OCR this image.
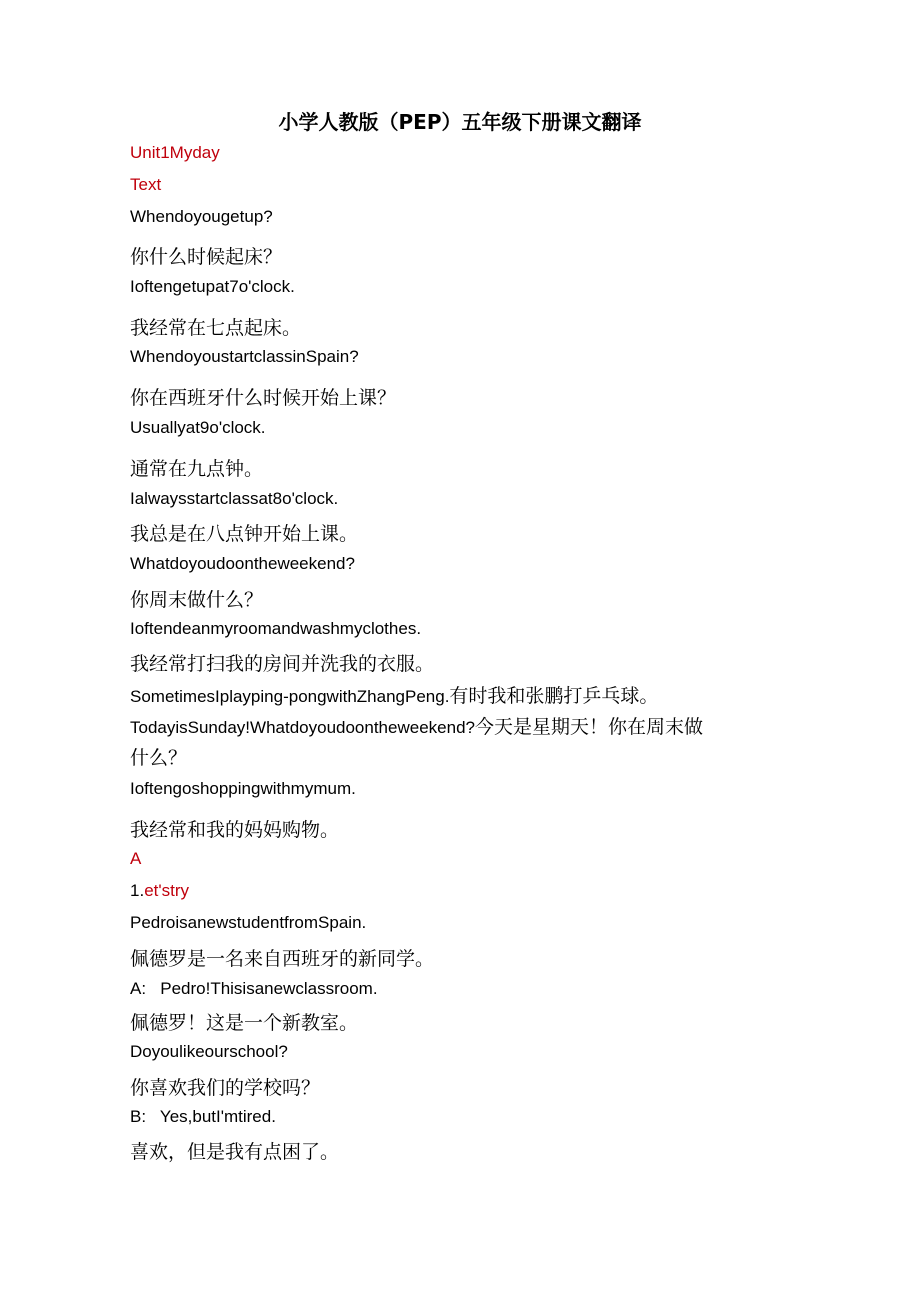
小学人教版（PEP）五年级下册课文翻译
Unit1Myday
Text
Whendoyougetup?
你什么时候起床？
Ioftengetupat7o'clock.
我经常在七点起床。
WhendoyoustartclassinSpain?
你在西班牙什么时候开始上课？
Usuallyat9o'clock.
通常在九点钟。
Ialwaysstartclassat8o'clock.
我总是在八点钟开始上课。
Whatdoyoudoontheweekend?
你周末做什么？
Ioftendeanmyroomandwashmyclothes.
我经常打扫我的房间并洗我的衣服。
SometimesIplayping-pongwithZhangPeng.有时我和张鹏打乒乓球。
TodayisSunday!Whatdoyoudoontheweekend?今天是星期天！你在周末做
什么？
Ioftengoshoppingwithmymum.
我经常和我的妈妈购物。
A
1.et'stry
PedroisanewstudentfromSpain.
佩德罗是一名来自西班牙的新同学。
A:   Pedro!Thisisanewclassroom.
佩德罗！这是一个新教室。
Doyoulikeourschool?
你喜欢我们的学校吗？
B:   Yes,butI'mtired.
喜欢，但是我有点困了。
